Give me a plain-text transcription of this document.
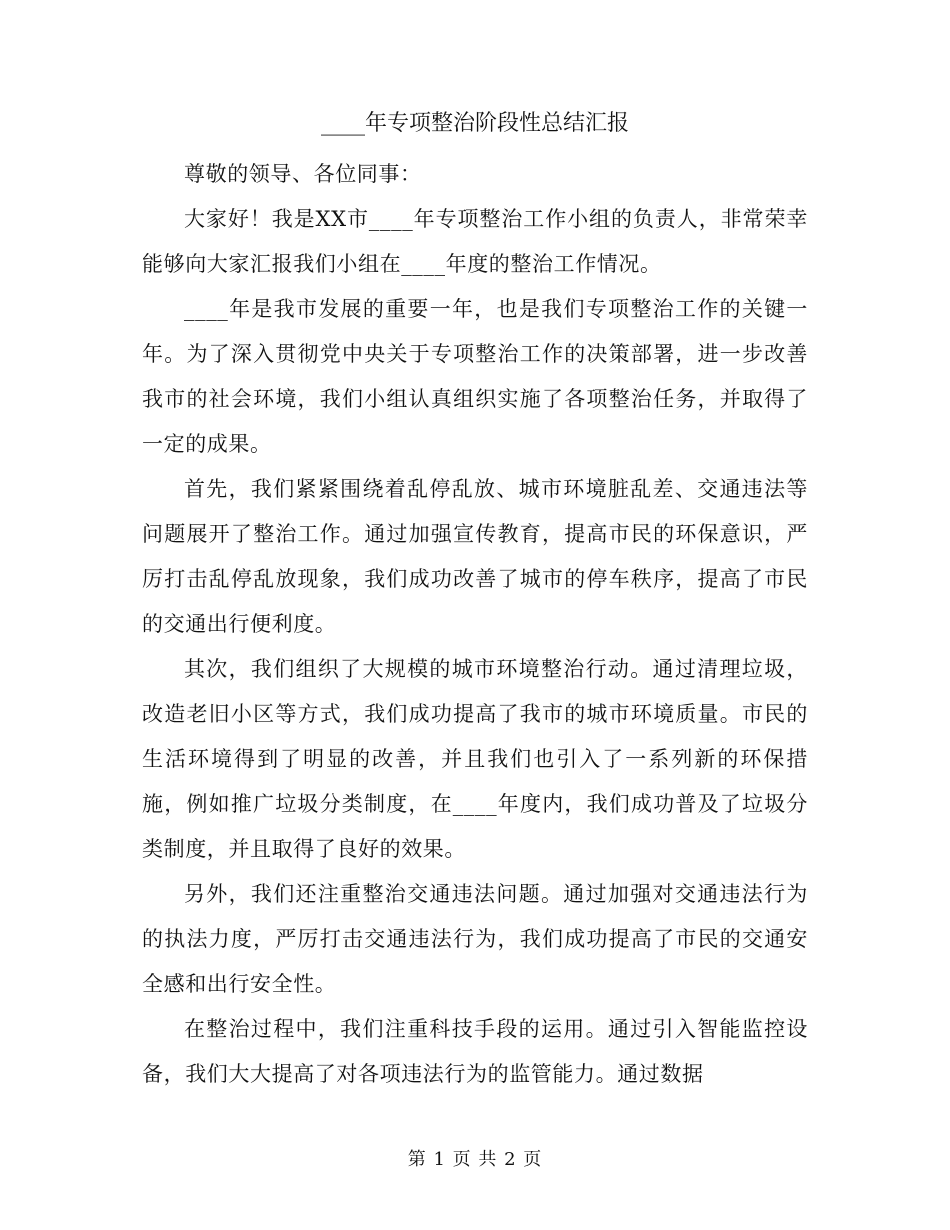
____年专项整治阶段性总结汇报

尊敬的领导、各位同事：

大家好！我是XX市____年专项整治工作小组的负责人，非常荣幸能够向大家汇报我们小组在____年度的整治工作情况。

____年是我市发展的重要一年，也是我们专项整治工作的关键一年。为了深入贯彻党中央关于专项整治工作的决策部署，进一步改善我市的社会环境，我们小组认真组织实施了各项整治任务，并取得了一定的成果。

首先，我们紧紧围绕着乱停乱放、城市环境脏乱差、交通违法等问题展开了整治工作。通过加强宣传教育，提高市民的环保意识，严厉打击乱停乱放现象，我们成功改善了城市的停车秩序，提高了市民的交通出行便利度。

其次，我们组织了大规模的城市环境整治行动。通过清理垃圾，改造老旧小区等方式，我们成功提高了我市的城市环境质量。市民的生活环境得到了明显的改善，并且我们也引入了一系列新的环保措施，例如推广垃圾分类制度，在____年度内，我们成功普及了垃圾分类制度，并且取得了良好的效果。

另外，我们还注重整治交通违法问题。通过加强对交通违法行为的执法力度，严厉打击交通违法行为，我们成功提高了市民的交通安全感和出行安全性。

在整治过程中，我们注重科技手段的运用。通过引入智能监控设备，我们大大提高了对各项违法行为的监管能力。通过数据

第 1 页 共 2 页
